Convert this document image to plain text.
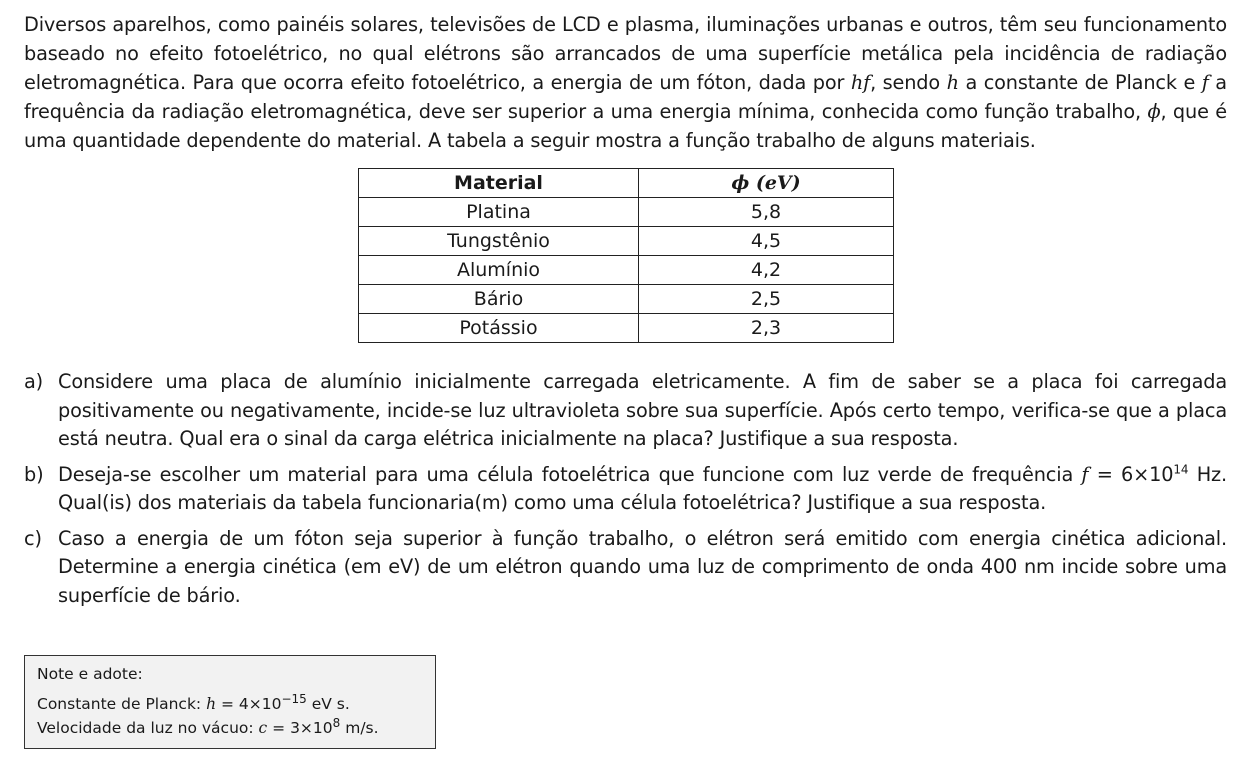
Diversos aparelhos, como painéis solares, televisões de LCD e plasma, iluminações urbanas e outros, têm seu funcionamento baseado no efeito fotoelétrico, no qual elétrons são arrancados de uma superfície metálica pela incidência de radiação eletromagnética. Para que ocorra efeito fotoelétrico, a energia de um fóton, dada por hf, sendo h a constante de Planck e f a frequência da radiação eletromagnética, deve ser superior a uma energia mínima, conhecida como função trabalho, ϕ, que é uma quantidade dependente do material. A tabela a seguir mostra a função trabalho de alguns materiais.

Material	ϕ (eV)
Platina	5,8
Tungstênio	4,5
Alumínio	4,2
Bário	2,5
Potássio	2,3
a) Considere uma placa de alumínio inicialmente carregada eletricamente. A fim de saber se a placa foi carregada positivamente ou negativamente, incide-se luz ultravioleta sobre sua superfície. Após certo tempo, verifica-se que a placa está neutra. Qual era o sinal da carga elétrica inicialmente na placa? Justifique a sua resposta.
b) Deseja-se escolher um material para uma célula fotoelétrica que funcione com luz verde de frequência $f = 6\times 10^{14}$ Hz. Qual(is) dos materiais da tabela funcionaria(m) como uma célula fotoelétrica? Justifique a sua resposta.
c) Caso a energia de um fóton seja superior à função trabalho, o elétron será emitido com energia cinética adicional. Determine a energia cinética (em eV) de um elétron quando uma luz de comprimento de onda 400 nm incide sobre uma superfície de bário.
Note e adote:
Constante de Planck: $h = 4\times 10^{-15}$ eV s.
Velocidade da luz no vácuo: $c = 3\times 10^8$ m/s.
